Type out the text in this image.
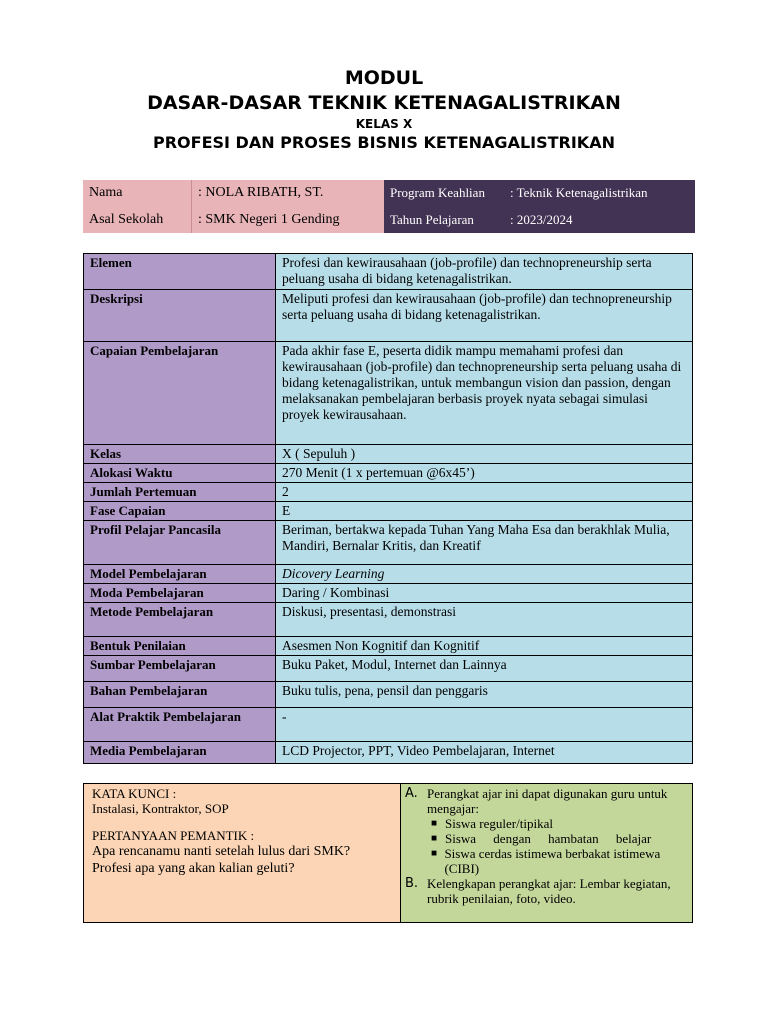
MODUL
DASAR-DASAR TEKNIK KETENAGALISTRIKAN
KELAS X
PROFESI DAN PROSES BISNIS KETENAGALISTRIKAN
Nama	: NOLA RIBATH, ST.	Program Keahlian	: Teknik Ketenagalistrikan
Asal Sekolah	: SMK Negeri 1 Gending	Tahun Pelajaran	: 2023/2024
Elemen	Profesi dan kewirausahaan (job-profile) dan technopreneurship serta peluang usaha di bidang ketenagalistrikan.
Deskripsi	Meliputi profesi dan kewirausahaan (job-profile) dan technopreneurship serta peluang usaha di bidang ketenagalistrikan.
Capaian Pembelajaran	Pada akhir fase E, peserta didik mampu memahami profesi dan kewirausahaan (job-profile) dan technopreneurship serta peluang usaha di bidang ketenagalistrikan, untuk membangun vision dan passion, dengan melaksanakan pembelajaran berbasis proyek nyata sebagai simulasi proyek kewirausahaan.
Kelas	X ( Sepuluh )
Alokasi Waktu	270 Menit (1 x pertemuan @6x45’)
Jumlah Pertemuan	2
Fase Capaian	E
Profil Pelajar Pancasila	Beriman, bertakwa kepada Tuhan Yang Maha Esa dan berakhlak Mulia, Mandiri, Bernalar Kritis, dan Kreatif
Model Pembelajaran	Dicovery Learning
Moda Pembelajaran	Daring / Kombinasi
Metode Pembelajaran	Diskusi, presentasi, demonstrasi
Bentuk Penilaian	Asesmen Non Kognitif dan Kognitif
Sumbar Pembelajaran	Buku Paket, Modul, Internet dan Lainnya
Bahan Pembelajaran	Buku tulis, pena, pensil dan penggaris
Alat Praktik Pembelajaran	-
Media Pembelajaran	LCD Projector, PPT, Video Pembelajaran, Internet

KATA KUNCI :

Instalasi, Kontraktor, SOP

PERTANYAAN PEMANTIK :

Apa rencanamu nanti setelah lulus dari SMK?

Profesi apa yang akan kalian geluti?

A. Perangkat ajar ini dapat digunakan guru untuk mengajar:
■ Siswa reguler/tipikal
■ Siswa dengan hambatan belajar
■ Siswa cerdas istimewa berbakat istimewa (CIBI)
B. Kelengkapan perangkat ajar: Lembar kegiatan, rubrik penilaian, foto, video.
